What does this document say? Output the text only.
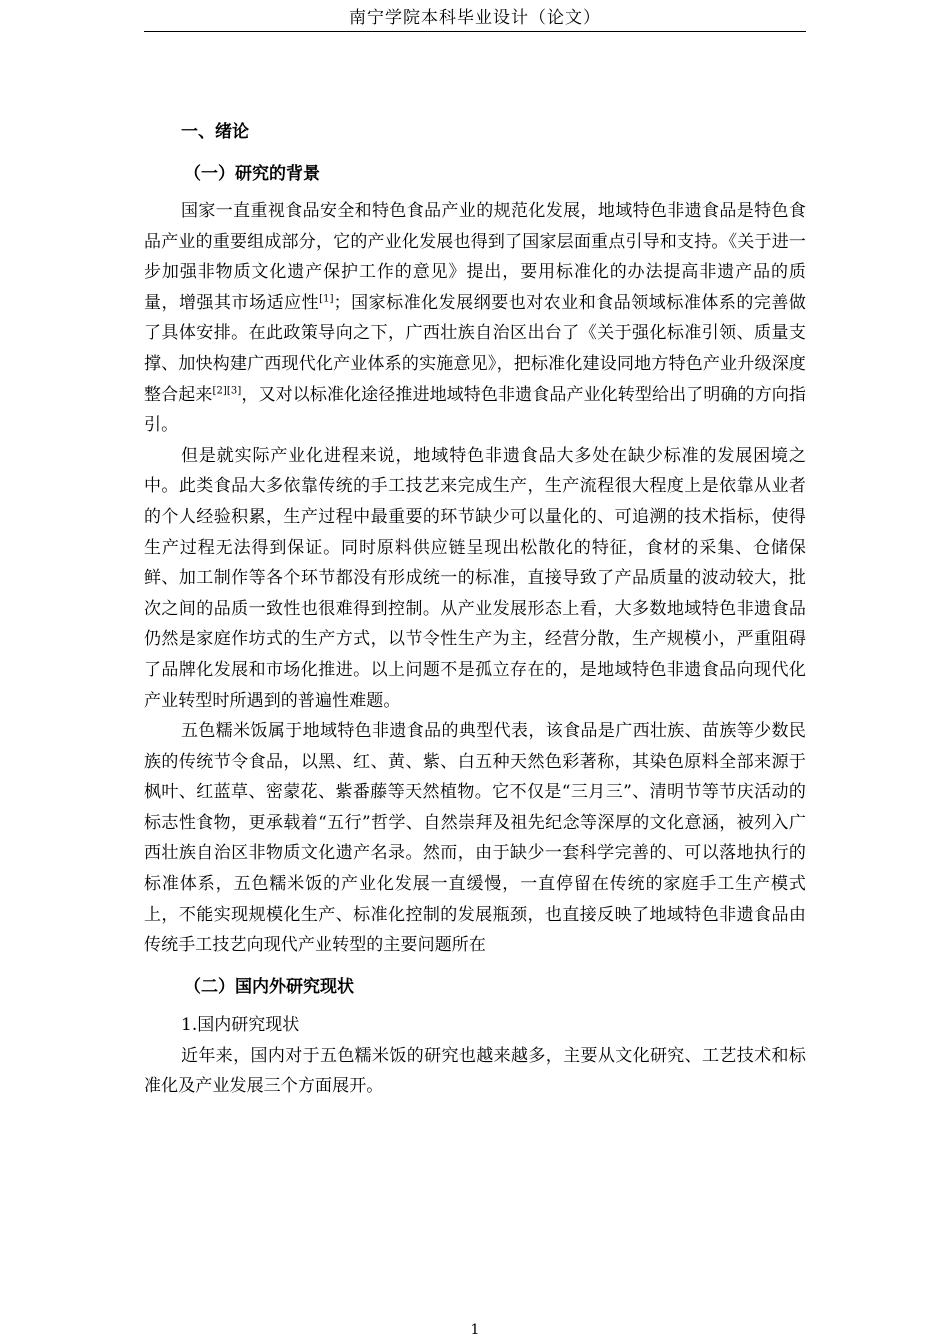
南宁学院本科毕业设计（论文）
一、绪论
（一）研究的背景

国家一直重视食品安全和特色食品产业的规范化发展，地域特色非遗食品是特色食品产业的重要组成部分，它的产业化发展也得到了国家层面重点引导和支持。《关于进一步加强非物质文化遗产保护工作的意见》提出，要用标准化的办法提高非遗产品的质量，增强其市场适应性[1]；国家标准化发展纲要也对农业和食品领域标准体系的完善做了具体安排。在此政策导向之下，广西壮族自治区出台了《关于强化标准引领、质量支撑、加快构建广西现代化产业体系的实施意见》，把标准化建设同地方特色产业升级深度整合起来[2][3]，又对以标准化途径推进地域特色非遗食品产业化转型给出了明确的方向指引。

但是就实际产业化进程来说，地域特色非遗食品大多处在缺少标准的发展困境之中。此类食品大多依靠传统的手工技艺来完成生产，生产流程很大程度上是依靠从业者的个人经验积累，生产过程中最重要的环节缺少可以量化的、可追溯的技术指标，使得生产过程无法得到保证。同时原料供应链呈现出松散化的特征，食材的采集、仓储保鲜、加工制作等各个环节都没有形成统一的标准，直接导致了产品质量的波动较大，批次之间的品质一致性也很难得到控制。从产业发展形态上看，大多数地域特色非遗食品仍然是家庭作坊式的生产方式，以节令性生产为主，经营分散，生产规模小，严重阻碍了品牌化发展和市场化推进。以上问题不是孤立存在的，是地域特色非遗食品向现代化产业转型时所遇到的普遍性难题。

五色糯米饭属于地域特色非遗食品的典型代表，该食品是广西壮族、苗族等少数民族的传统节令食品，以黑、红、黄、紫、白五种天然色彩著称，其染色原料全部来源于枫叶、红蓝草、密蒙花、紫番藤等天然植物。它不仅是“三月三”、清明节等节庆活动的标志性食物，更承载着“五行”哲学、自然崇拜及祖先纪念等深厚的文化意涵，被列入广西壮族自治区非物质文化遗产名录。然而，由于缺少一套科学完善的、可以落地执行的标准体系，五色糯米饭的产业化发展一直缓慢，一直停留在传统的家庭手工生产模式上，不能实现规模化生产、标准化控制的发展瓶颈，也直接反映了地域特色非遗食品由传统手工技艺向现代产业转型的主要问题所在

（二）国内外研究现状
1.国内研究现状

近年来，国内对于五色糯米饭的研究也越来越多，主要从文化研究、工艺技术和标准化及产业发展三个方面展开。

1
